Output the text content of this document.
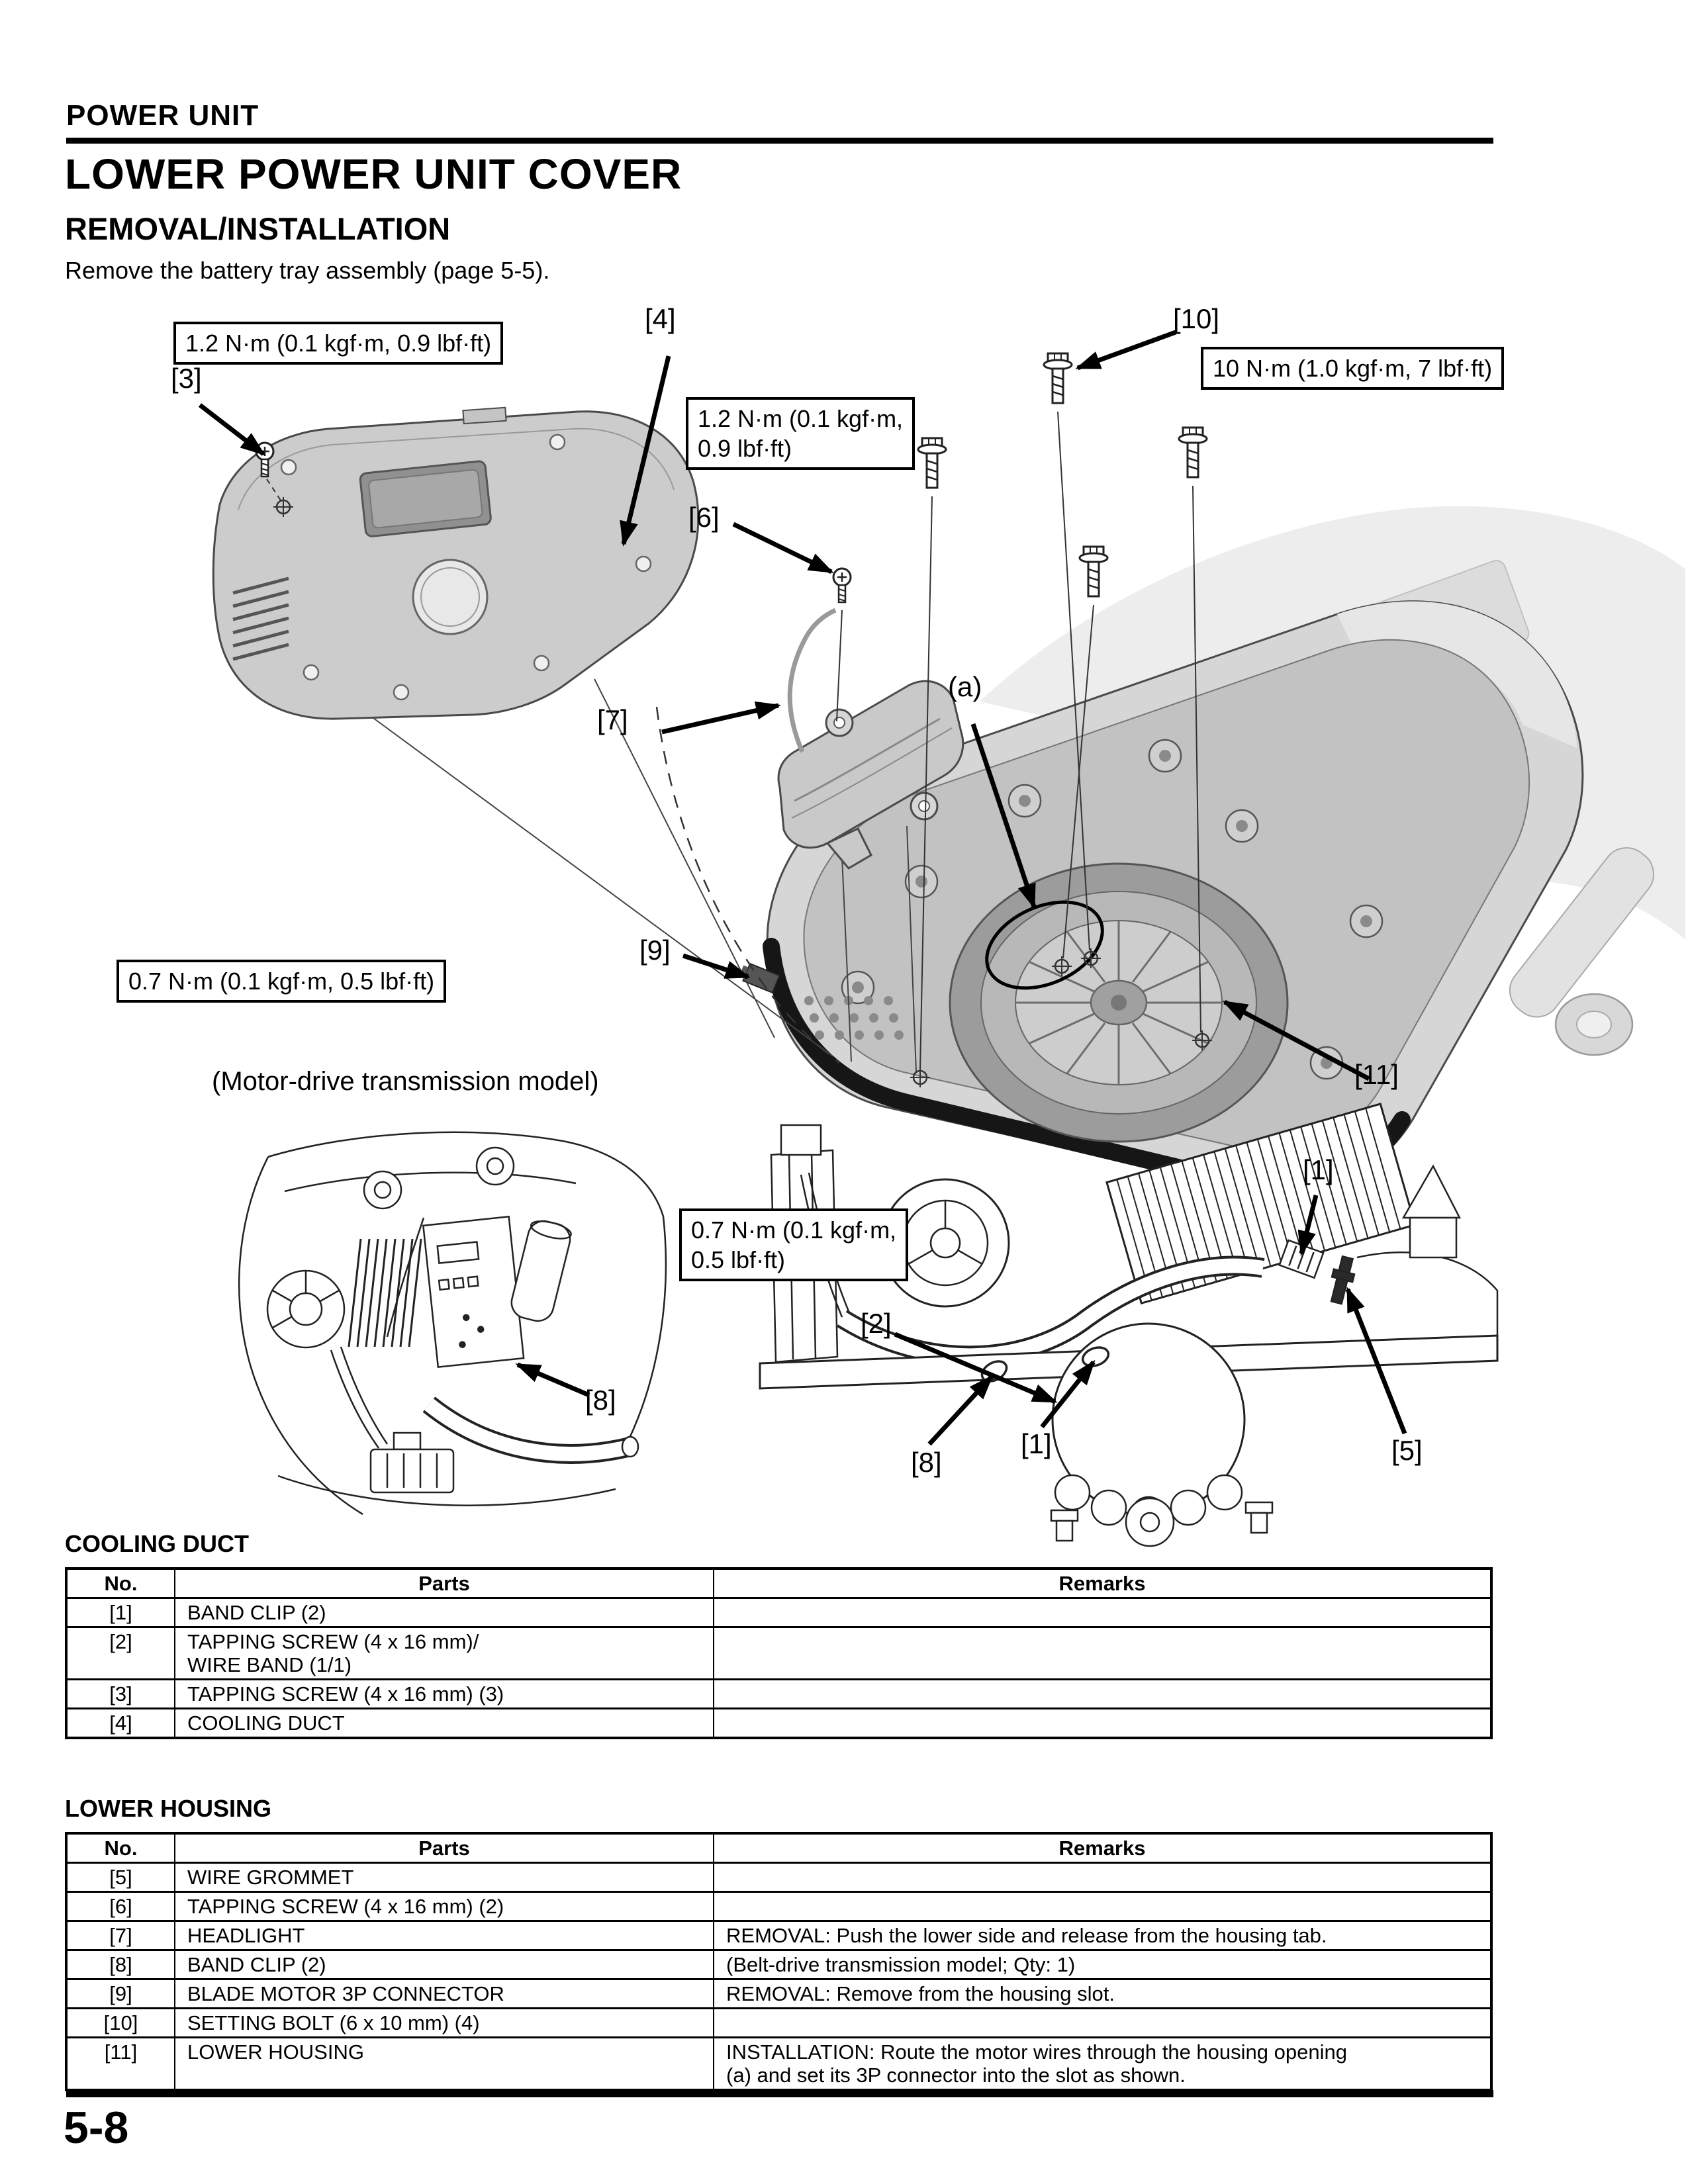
POWER UNIT
LOWER POWER UNIT COVER
REMOVAL/INSTALLATION
Remove the battery tray assembly (page 5-5).
1.2 N·m (0.1 kgf·m, 0.9 lbf·ft)
1.2 N·m (0.1 kgf·m,
0.9 lbf·ft)
10 N·m (1.0 kgf·m, 7 lbf·ft)
0.7 N·m (0.1 kgf·m, 0.5 lbf·ft)
0.7 N·m (0.1 kgf·m,
0.5 lbf·ft)
[3]
[4]
[6]
[10]
(a)
[7]
[9]
[11]
[8]
[2]
[1]
[8]
[1]	[5]
(Motor-drive transmission model)
COOLING DUCT
No.	Parts	Remarks
[1]	BAND CLIP (2)	

[2]	TAPPING SCREW (4 x 16 mm)/
WIRE BAND (1/1)	

[3]	TAPPING SCREW (4 x 16 mm) (3)	

[4]	COOLING DUCT	

LOWER HOUSING
No.	Parts	Remarks
[5]	WIRE GROMMET	

[6]	TAPPING SCREW (4 x 16 mm) (2)	

[7]	HEADLIGHT	REMOVAL: Push the lower side and release from the housing tab.

[8]	BAND CLIP (2)	(Belt-drive transmission model; Qty: 1)

[9]	BLADE MOTOR 3P CONNECTOR	REMOVAL: Remove from the housing slot.

[10]	SETTING BOLT (6 x 10 mm) (4)	

[11]	LOWER HOUSING	INSTALLATION: Route the motor wires through the housing opening
(a) and set its 3P connector into the slot as shown.
5-8
